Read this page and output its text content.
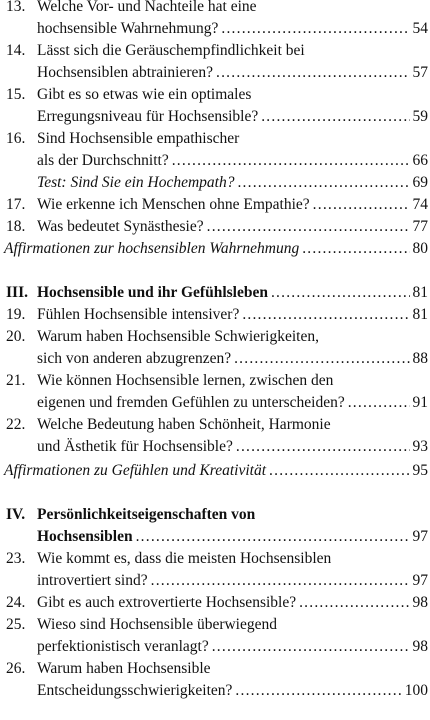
13. Welche Vor- und Nachteile hat eine
hochsensible Wahrnehmung? .....	54
14. Lässt sich die Geräuschempfindlichkeit bei
Hochsensiblen abtrainieren? .....	57
15. Gibt es so etwas wie ein optimales
Erregungsniveau für Hochsensible? .....	59
16. Sind Hochsensible empathischer
als der Durchschnitt? .....	66
Test: Sind Sie ein Hochempath? .....	69
17. Wie erkenne ich Menschen ohne Empathie? .....	74
18. Was bedeutet Synästhesie? .....	77
Affirmationen zur hochsensiblen Wahrnehmung .....	80
III. Hochsensible und ihr Gefühlsleben .....	81
19. Fühlen Hochsensible intensiver? .....	81
20. Warum haben Hochsensible Schwierigkeiten,
sich von anderen abzugrenzen? .....	88
21. Wie können Hochsensible lernen, zwischen den
eigenen und fremden Gefühlen zu unterscheiden? .....	91
22. Welche Bedeutung haben Schönheit, Harmonie
und Ästhetik für Hochsensible? .....	93
Affirmationen zu Gefühlen und Kreativität .....	95
IV. Persönlichkeitseigenschaften von
Hochsensiblen .....	97
23. Wie kommt es, dass die meisten Hochsensiblen
introvertiert sind? .....	97
24. Gibt es auch extrovertierte Hochsensible? .....	98
25. Wieso sind Hochsensible überwiegend
perfektionistisch veranlagt? .....	98
26. Warum haben Hochsensible
Entscheidungsschwierigkeiten? .....	100
